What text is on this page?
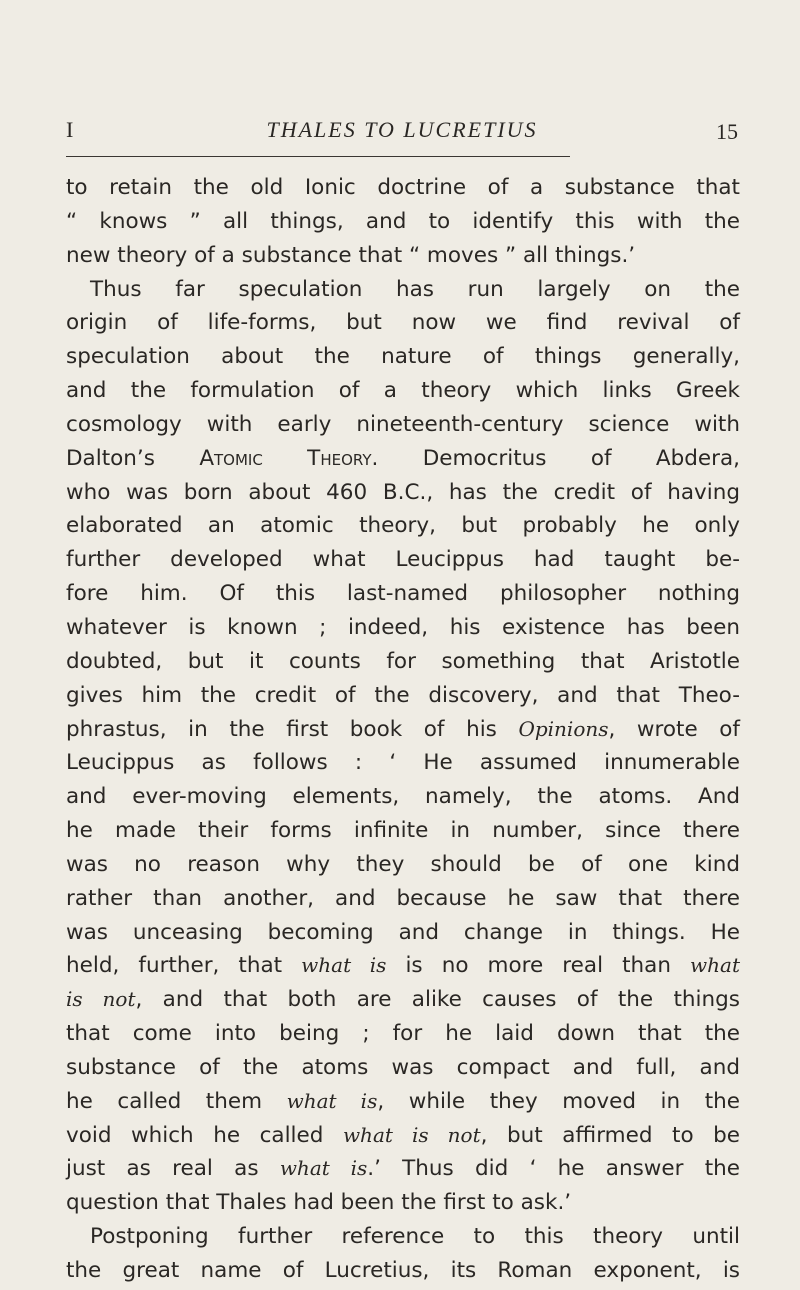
I	THALES TO LUCRETIUS	15
to retain the old Ionic doctrine of a substance that
“ knows ” all things, and to identify this with the
new theory of a substance that “ moves ” all things.’
Thus far speculation has run largely on the
origin of life-forms, but now we find revival of
speculation about the nature of things generally,
and the formulation of a theory which links Greek
cosmology with early nineteenth-century science with
Dalton’s Atomic Theory. Democritus of Abdera,
who was born about 460 B.C., has the credit of having
elaborated an atomic theory, but probably he only
further developed what Leucippus had taught be-
fore him. Of this last-named philosopher nothing
whatever is known ; indeed, his existence has been
doubted, but it counts for something that Aristotle
gives him the credit of the discovery, and that Theo-
phrastus, in the first book of his Opinions, wrote of
Leucippus as follows : ‘ He assumed innumerable
and ever-moving elements, namely, the atoms. And
he made their forms infinite in number, since there
was no reason why they should be of one kind
rather than another, and because he saw that there
was unceasing becoming and change in things. He
held, further, that what is is no more real than what
is not, and that both are alike causes of the things
that come into being ; for he laid down that the
substance of the atoms was compact and full, and
he called them what is, while they moved in the
void which he called what is not, but affirmed to be
just as real as what is.’ Thus did ‘ he answer the
question that Thales had been the first to ask.’
Postponing further reference to this theory until
the great name of Lucretius, its Roman exponent, is
